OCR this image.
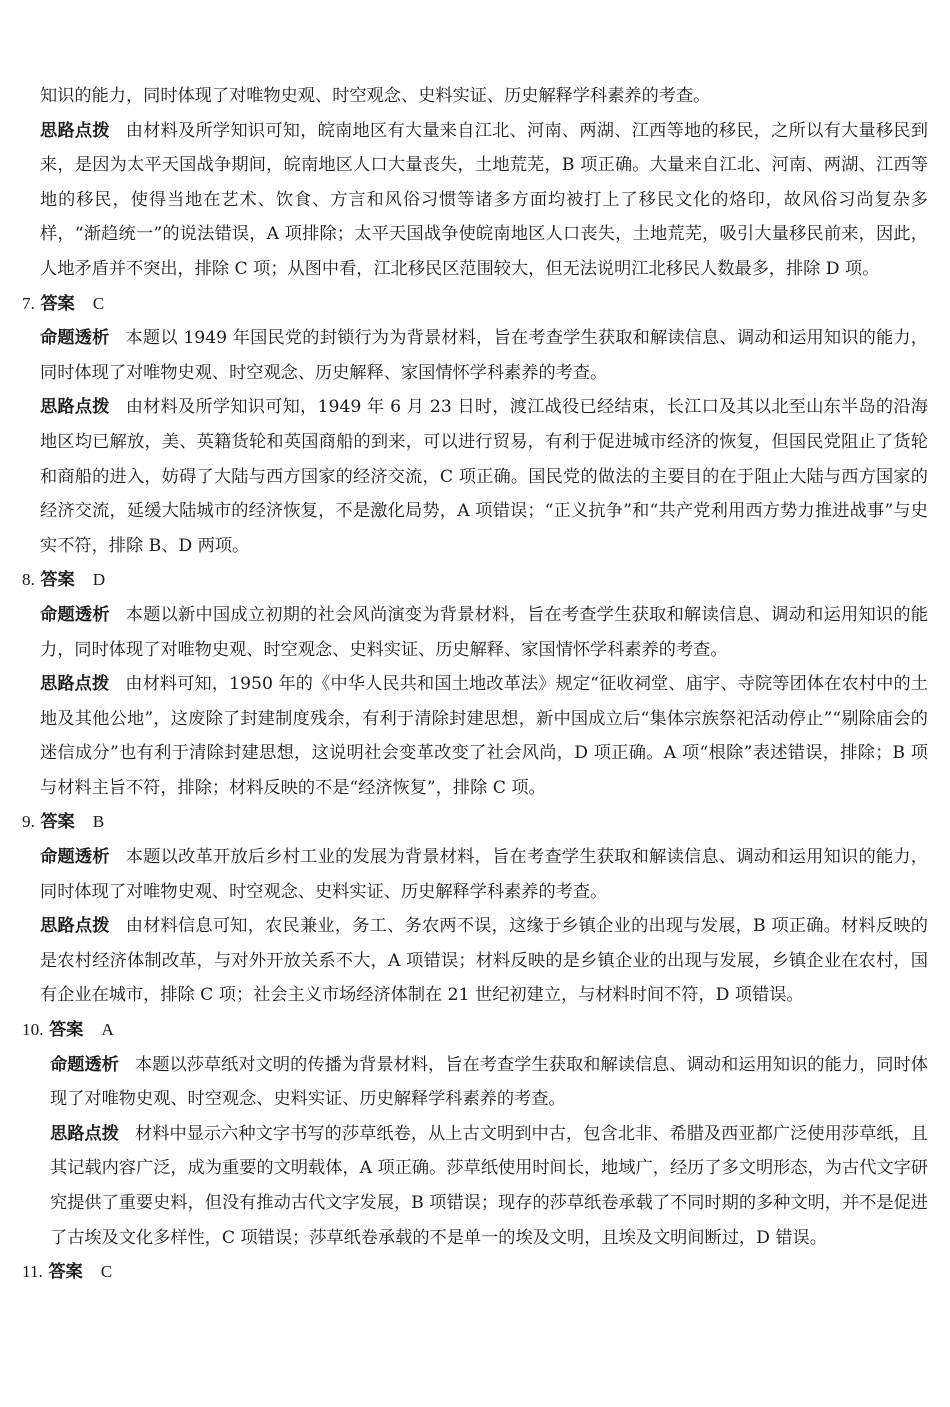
知识的能力，同时体现了对唯物史观、时空观念、史料实证、历史解释学科素养的考查。

思路点拨 由材料及所学知识可知，皖南地区有大量来自江北、河南、两湖、江西等地的移民，之所以有大量移民到来，是因为太平天国战争期间，皖南地区人口大量丧失，土地荒芜，B 项正确。大量来自江北、河南、两湖、江西等地的移民，使得当地在艺术、饮食、方言和风俗习惯等诸多方面均被打上了移民文化的烙印，故风俗习尚复杂多样，“渐趋统一”的说法错误，A 项排除；太平天国战争使皖南地区人口丧失，土地荒芜，吸引大量移民前来，因此，人地矛盾并不突出，排除 C 项；从图中看，江北移民区范围较大，但无法说明江北移民人数最多，排除 D 项。

7. 答案 C

命题透析 本题以 1949 年国民党的封锁行为为背景材料，旨在考查学生获取和解读信息、调动和运用知识的能力，同时体现了对唯物史观、时空观念、历史解释、家国情怀学科素养的考查。

思路点拨 由材料及所学知识可知，1949 年 6 月 23 日时，渡江战役已经结束，长江口及其以北至山东半岛的沿海地区均已解放，美、英籍货轮和英国商船的到来，可以进行贸易，有利于促进城市经济的恢复，但国民党阻止了货轮和商船的进入，妨碍了大陆与西方国家的经济交流，C 项正确。国民党的做法的主要目的在于阻止大陆与西方国家的经济交流，延缓大陆城市的经济恢复，不是激化局势，A 项错误；“正义抗争”和“共产党利用西方势力推进战事”与史实不符，排除 B、D 两项。

8. 答案 D

命题透析 本题以新中国成立初期的社会风尚演变为背景材料，旨在考查学生获取和解读信息、调动和运用知识的能力，同时体现了对唯物史观、时空观念、史料实证、历史解释、家国情怀学科素养的考查。

思路点拨 由材料可知，1950 年的《中华人民共和国土地改革法》规定“征收祠堂、庙宇、寺院等团体在农村中的土地及其他公地”，这废除了封建制度残余，有利于清除封建思想，新中国成立后“集体宗族祭祀活动停止”“剔除庙会的迷信成分”也有利于清除封建思想，这说明社会变革改变了社会风尚，D 项正确。A 项“根除”表述错误，排除；B 项与材料主旨不符，排除；材料反映的不是“经济恢复”，排除 C 项。

9. 答案 B

命题透析 本题以改革开放后乡村工业的发展为背景材料，旨在考查学生获取和解读信息、调动和运用知识的能力，同时体现了对唯物史观、时空观念、史料实证、历史解释学科素养的考查。

思路点拨 由材料信息可知，农民兼业，务工、务农两不误，这缘于乡镇企业的出现与发展，B 项正确。材料反映的是农村经济体制改革，与对外开放关系不大，A 项错误；材料反映的是乡镇企业的出现与发展，乡镇企业在农村，国有企业在城市，排除 C 项；社会主义市场经济体制在 21 世纪初建立，与材料时间不符，D 项错误。

10. 答案 A

命题透析 本题以莎草纸对文明的传播为背景材料，旨在考查学生获取和解读信息、调动和运用知识的能力，同时体现了对唯物史观、时空观念、史料实证、历史解释学科素养的考查。

思路点拨 材料中显示六种文字书写的莎草纸卷，从上古文明到中古，包含北非、希腊及西亚都广泛使用莎草纸，且其记载内容广泛，成为重要的文明载体，A 项正确。莎草纸使用时间长，地域广，经历了多文明形态，为古代文字研究提供了重要史料，但没有推动古代文字发展，B 项错误；现存的莎草纸卷承载了不同时期的多种文明，并不是促进了古埃及文化多样性，C 项错误；莎草纸卷承载的不是单一的埃及文明，且埃及文明间断过，D 错误。

11. 答案 C
